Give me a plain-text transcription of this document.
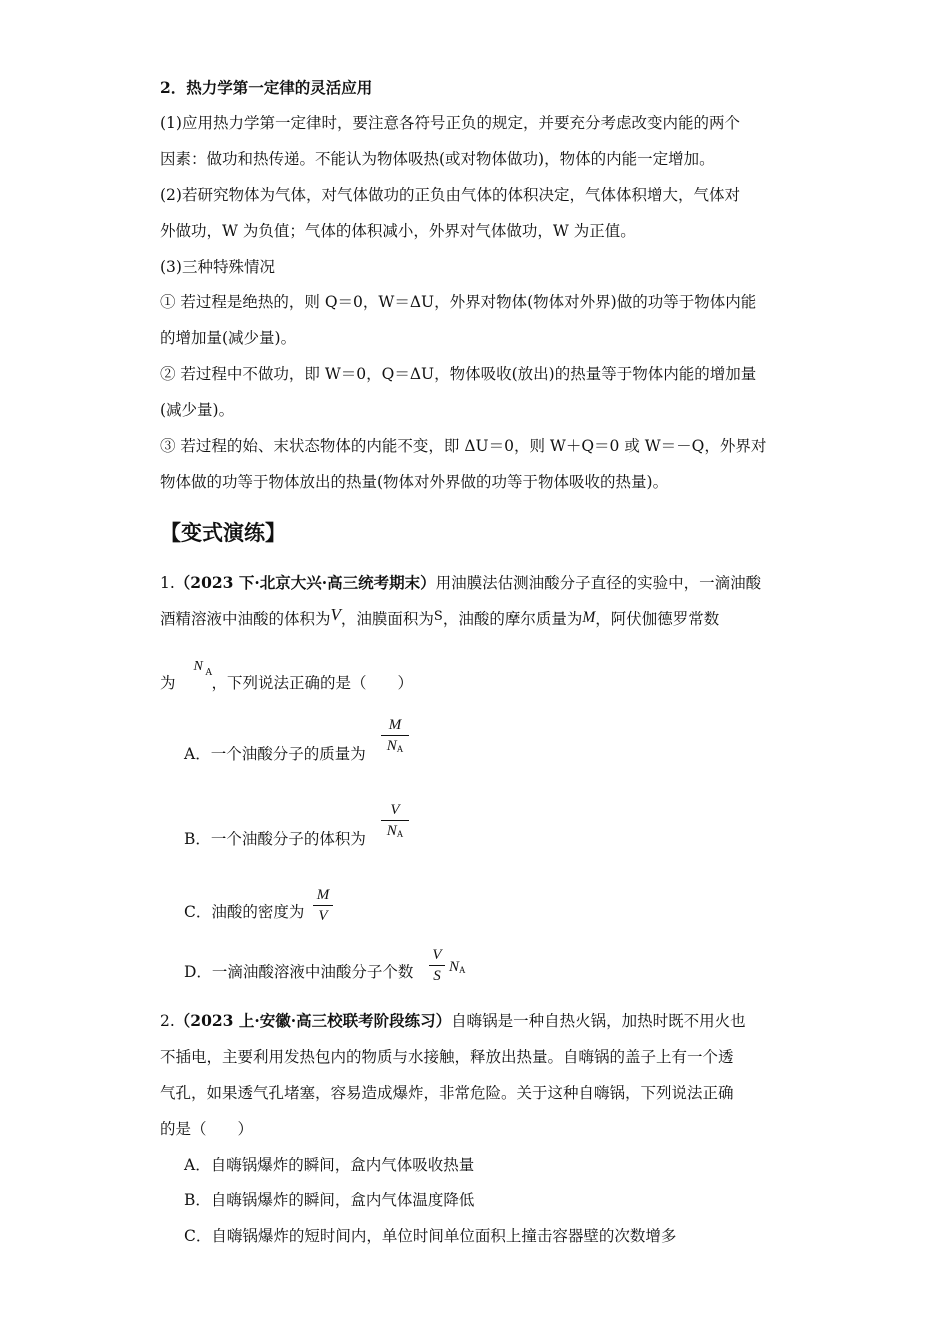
2．热力学第一定律的灵活应用
(1)应用热力学第一定律时，要注意各符号正负的规定，并要充分考虑改变内能的两个
因素：做功和热传递。不能认为物体吸热(或对物体做功)，物体的内能一定增加。
(2)若研究物体为气体，对气体做功的正负由气体的体积决定，气体体积增大，气体对
外做功，W 为负值；气体的体积减小，外界对气体做功，W 为正值。
(3)三种特殊情况
① 若过程是绝热的，则 Q＝0，W＝ΔU，外界对物体(物体对外界)做的功等于物体内能
的增加量(减少量)。
② 若过程中不做功，即 W＝0，Q＝ΔU，物体吸收(放出)的热量等于物体内能的增加量
(减少量)。
③ 若过程的始、末状态物体的内能不变，即 ΔU＝0，则 W＋Q＝0 或 W＝－Q，外界对
物体做的功等于物体放出的热量(物体对外界做的功等于物体吸收的热量)。
【变式演练】
1.（2023 下·北京大兴·高三统考期末）用油膜法估测油酸分子直径的实验中，一滴油酸
酒精溶液中油酸的体积为V，油膜面积为$^S$，油酸的摩尔质量为M，阿伏伽德罗常数
为
N A
，下列说法正确的是（　　）
A．一个油酸分子的质量为
M
$N_A$
B．一个油酸分子的体积为
V
$N_A$
C．油酸的密度为
M
V
D．一滴油酸溶液中油酸分子个数
V
S
$N_A$
2.（2023 上·安徽·高三校联考阶段练习）自嗨锅是一种自热火锅，加热时既不用火也
不插电，主要利用发热包内的物质与水接触，释放出热量。自嗨锅的盖子上有一个透
气孔，如果透气孔堵塞，容易造成爆炸，非常危险。关于这种自嗨锅，下列说法正确
的是（　　）
A．自嗨锅爆炸的瞬间，盒内气体吸收热量
B．自嗨锅爆炸的瞬间，盒内气体温度降低
C．自嗨锅爆炸的短时间内，单位时间单位面积上撞击容器壁的次数增多
